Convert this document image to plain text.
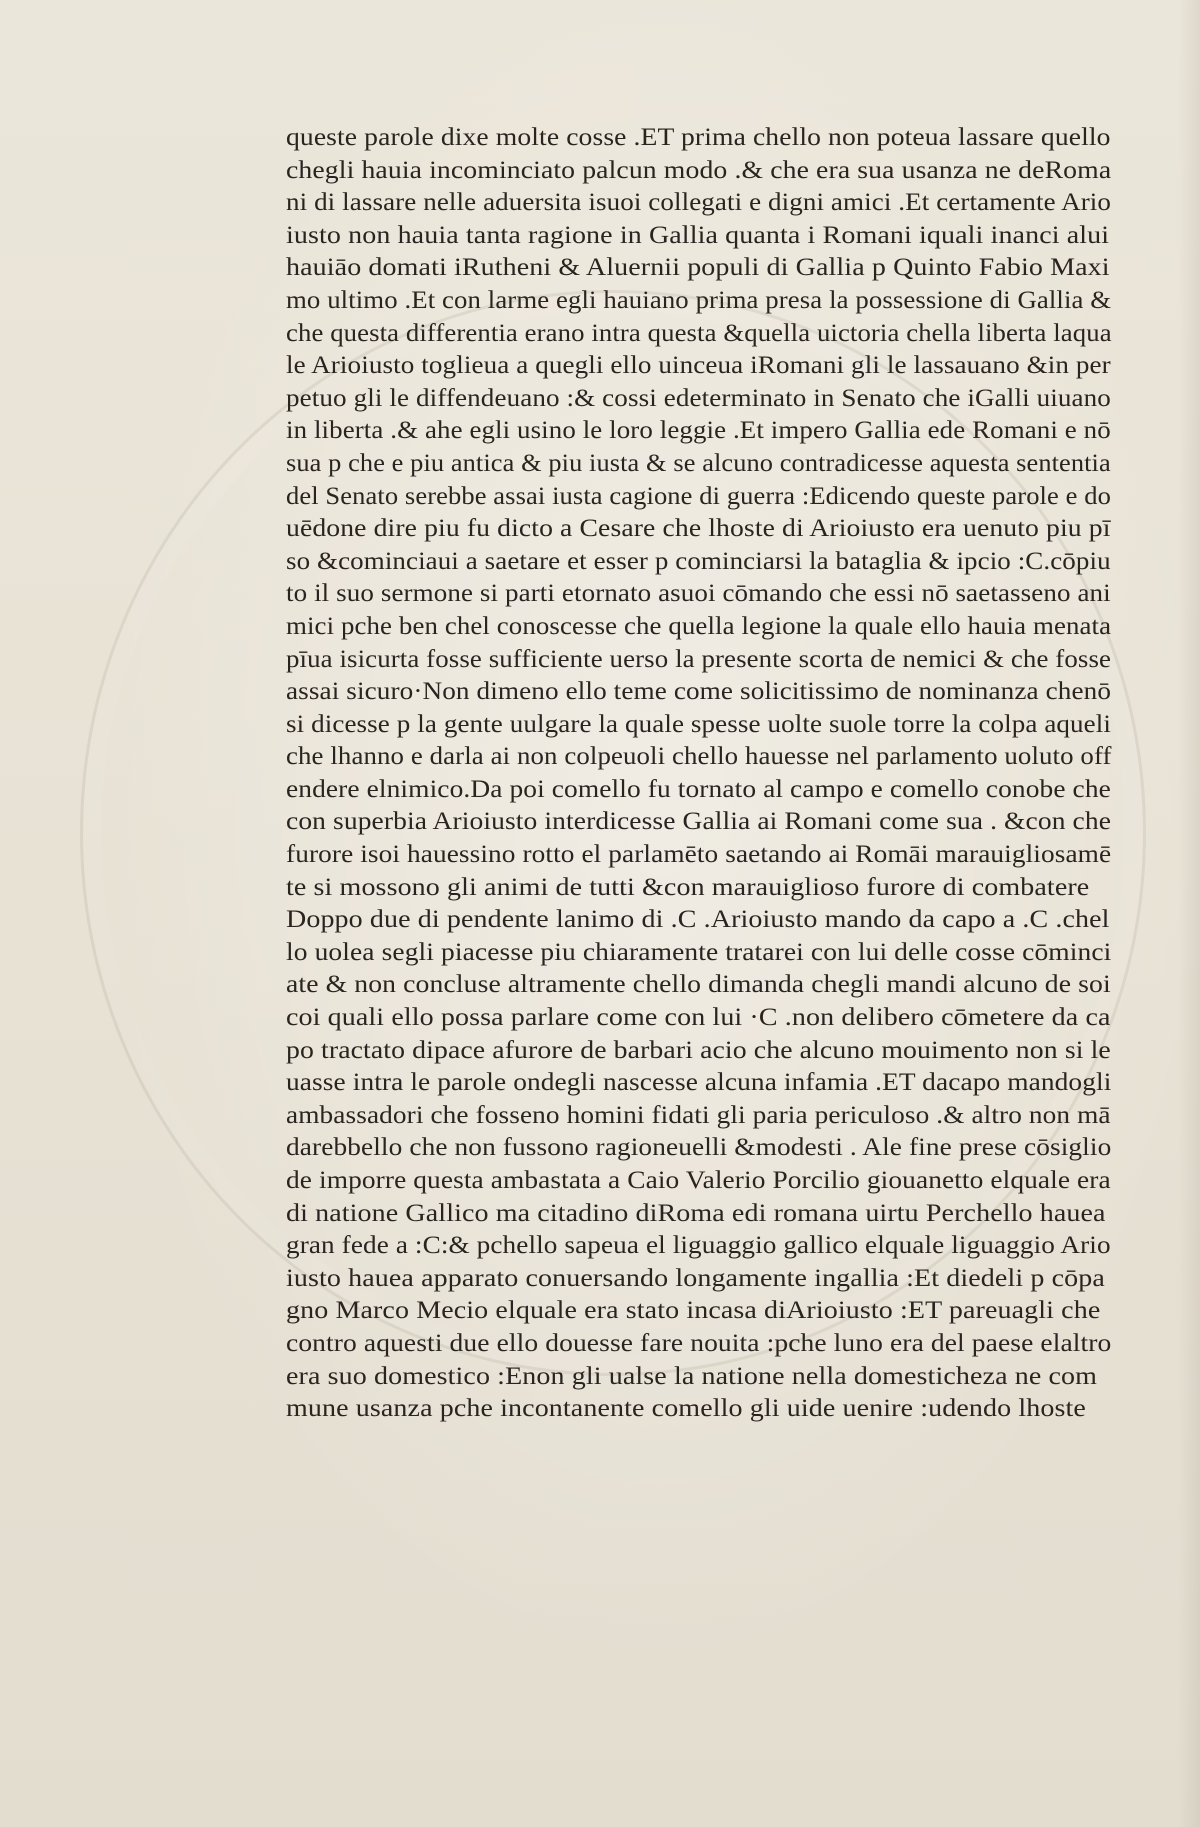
queste parole dixe molte cosse .ET prima chello non poteua lassare quello
chegli hauia incominciato palcun modo .& che era sua usanza ne deRoma
ni di lassare nelle aduersita isuoi collegati e digni amici .Et certamente Ario
iusto non hauia tanta ragione in Gallia quanta i Romani iquali inanci alui
hauiāo domati iRutheni & Aluernii populi di Gallia p Quinto Fabio Maxi
mo ultimo .Et con larme egli hauiano prima presa la possessione di Gallia &
che questa differentia erano intra questa &quella uictoria chella liberta laqua
le Arioiusto toglieua a quegli ello uinceua iRomani gli le lassauano &in per
petuo gli le diffendeuano :& cossi edeterminato in Senato che iGalli uiuano
in liberta .& ahe egli usino le loro leggie .Et impero Gallia ede Romani e nō
sua p che e piu antica & piu iusta & se alcuno contradicesse aquesta sententia
del Senato serebbe assai iusta cagione di guerra :Edicendo queste parole e do
uēdone dire piu fu dicto a Cesare che lhoste di Arioiusto era uenuto piu pī
so &cominciaui a saetare et esser p cominciarsi la bataglia & ipcio :C.cōpiu
to il suo sermone si parti etornato asuoi cōmando che essi nō saetasseno ani
mici pche ben chel conoscesse che quella legione la quale ello hauia menata
pīua isicurta fosse sufficiente uerso la presente scorta de nemici & che fosse
assai sicuro·Non dimeno ello teme come solicitissimo de nominanza chenō
si dicesse p la gente uulgare la quale spesse uolte suole torre la colpa aqueli
che lhanno e darla ai non colpeuoli chello hauesse nel parlamento uoluto off
endere elnimico.Da poi comello fu tornato al campo e comello conobe che
con superbia Arioiusto interdicesse Gallia ai Romani come sua . &con che
furore isoi hauessino rotto el parlamēto saetando ai Romāi marauigliosamē
te si mossono gli animi de tutti &con marauiglioso furore di combatere
Doppo due di pendente lanimo di .C .Arioiusto mando da capo a .C .chel
lo uolea segli piacesse piu chiaramente tratarei con lui delle cosse cōminci
ate & non concluse altramente chello dimanda chegli mandi alcuno de soi
coi quali ello possa parlare come con lui ·C .non delibero cōmetere da ca
po tractato dipace afurore de barbari acio che alcuno mouimento non si le
uasse intra le parole ondegli nascesse alcuna infamia .ET dacapo mandogli
ambassadori che fosseno homini fidati gli paria periculoso .& altro non mā
darebbello che non fussono ragioneuelli &modesti . Ale fine prese cōsiglio
de imporre questa ambastata a Caio Valerio Porcilio giouanetto elquale era
di natione Gallico ma citadino diRoma edi romana uirtu Perchello hauea
gran fede a :C:& pchello sapeua el liguaggio gallico elquale liguaggio Ario
iusto hauea apparato conuersando longamente ingallia :Et diedeli p cōpa
gno Marco Mecio elquale era stato incasa diArioiusto :ET pareuagli che
contro aquesti due ello douesse fare nouita :pche luno era del paese elaltro
era suo domestico :Enon gli ualse la natione nella domesticheza ne com
mune usanza pche incontanente comello gli uide uenire :udendo lhoste
